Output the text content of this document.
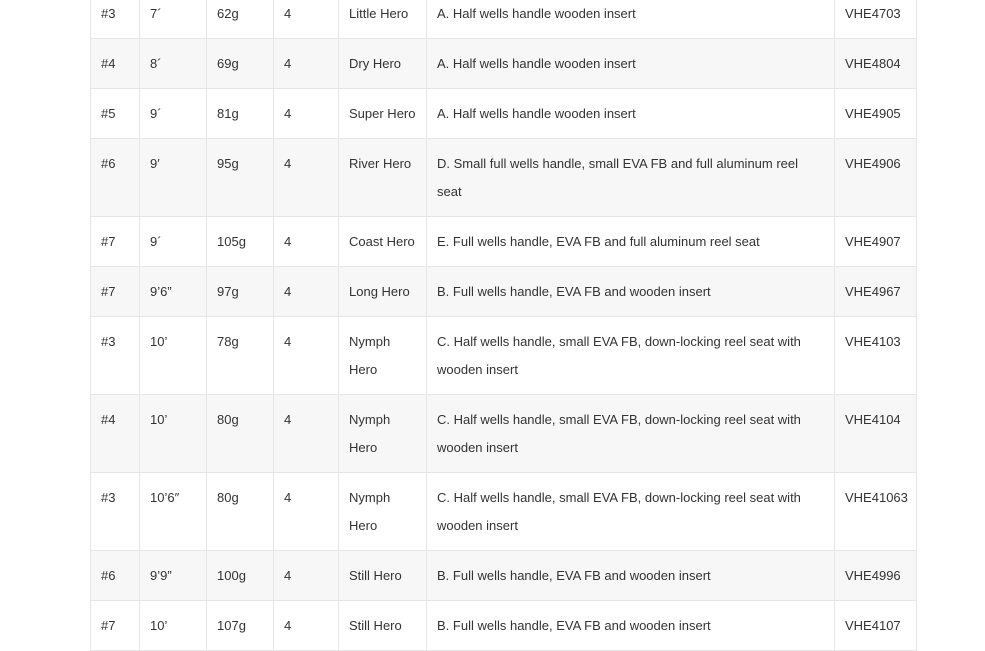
#3	7´	62g	4	Little Hero	A. Half wells handle wooden insert	VHE4703
#4	8´	69g	4	Dry Hero	A. Half wells handle wooden insert	VHE4804
#5	9´	81g	4	Super Hero	A. Half wells handle wooden insert	VHE4905
#6	9′	95g	4	River Hero	D. Small full wells handle, small EVA FB and full aluminum reel seat	VHE4906
#7	9´	105g	4	Coast Hero	E. Full wells handle, EVA FB and full aluminum reel seat	VHE4907
#7	9’6”	97g	4	Long Hero	B. Full wells handle, EVA FB and wooden insert	VHE4967
#3	10’	78g	4	Nymph Hero	C. Half wells handle, small EVA FB, down-locking reel seat with wooden insert	VHE4103
#4	10’	80g	4	Nymph Hero	C. Half wells handle, small EVA FB, down-locking reel seat with wooden insert	VHE4104
#3	10’6″	80g	4	Nymph Hero	C. Half wells handle, small EVA FB, down-locking reel seat with wooden insert	VHE41063
#6	9’9”	100g	4	Still Hero	B. Full wells handle, EVA FB and wooden insert	VHE4996
#7	10’	107g	4	Still Hero	B. Full wells handle, EVA FB and wooden insert	VHE4107
